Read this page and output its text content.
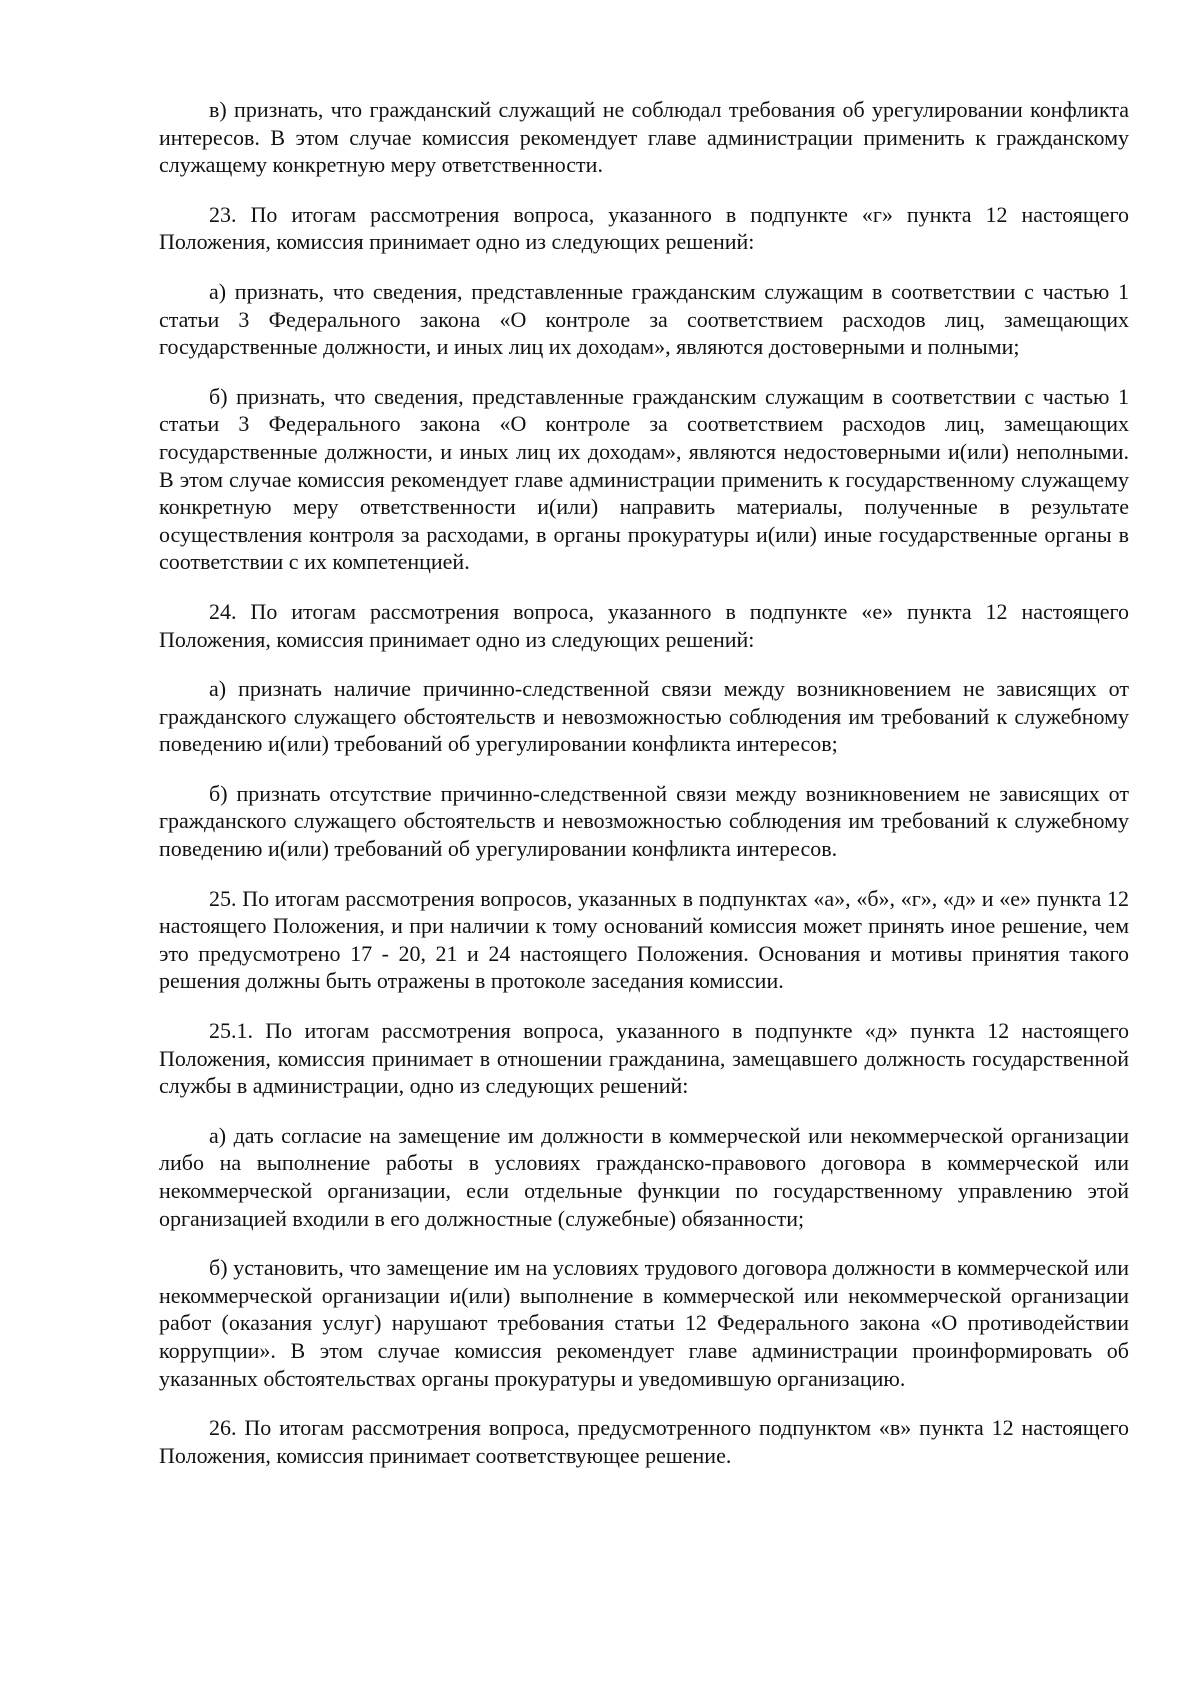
в) признать, что гражданский служащий не соблюдал требования об урегулировании конфликта интересов. В этом случае комиссия рекомендует главе администрации применить к гражданскому служащему конкретную меру ответственности.

23. По итогам рассмотрения вопроса, указанного в подпункте «г» пункта 12 настоящего Положения, комиссия принимает одно из следующих решений:

а) признать, что сведения, представленные гражданским служащим в соответствии с частью 1 статьи 3 Федерального закона «О контроле за соответствием расходов лиц, замещающих государственные должности, и иных лиц их доходам», являются достоверными и полными;

б) признать, что сведения, представленные гражданским служащим в соответствии с частью 1 статьи 3 Федерального закона «О контроле за соответствием расходов лиц, замещающих государственные должности, и иных лиц их доходам», являются недостоверными и(или) неполными. В этом случае комиссия рекомендует главе администрации применить к государственному служащему конкретную меру ответственности и(или) направить материалы, полученные в результате осуществления контроля за расходами, в органы прокуратуры и(или) иные государственные органы в соответствии с их компетенцией.

24. По итогам рассмотрения вопроса, указанного в подпункте «е» пункта 12 настоящего Положения, комиссия принимает одно из следующих решений:

а) признать наличие причинно-следственной связи между возникновением не зависящих от гражданского служащего обстоятельств и невозможностью соблюдения им требований к служебному поведению и(или) требований об урегулировании конфликта интересов;

б) признать отсутствие причинно-следственной связи между возникновением не зависящих от гражданского служащего обстоятельств и невозможностью соблюдения им требований к служебному поведению и(или) требований об урегулировании конфликта интересов.

25. По итогам рассмотрения вопросов, указанных в подпунктах «а», «б», «г», «д» и «е» пункта 12 настоящего Положения, и при наличии к тому оснований комиссия может принять иное решение, чем это предусмотрено 17 - 20, 21 и 24 настоящего Положения. Основания и мотивы принятия такого решения должны быть отражены в протоколе заседания комиссии.

25.1. По итогам рассмотрения вопроса, указанного в подпункте «д» пункта 12 настоящего Положения, комиссия принимает в отношении гражданина, замещавшего должность государственной службы в администрации, одно из следующих решений:

а) дать согласие на замещение им должности в коммерческой или некоммерческой организации либо на выполнение работы в условиях гражданско-правового договора в коммерческой или некоммерческой организации, если отдельные функции по государственному управлению этой организацией входили в его должностные (служебные) обязанности;

б) установить, что замещение им на условиях трудового договора должности в коммерческой или некоммерческой организации и(или) выполнение в коммерческой или некоммерческой организации работ (оказания услуг) нарушают требования статьи 12 Федерального закона «О противодействии коррупции». В этом случае комиссия рекомендует главе администрации проинформировать об указанных обстоятельствах органы прокуратуры и уведомившую организацию.

26. По итогам рассмотрения вопроса, предусмотренного подпунктом «в» пункта 12 настоящего Положения, комиссия принимает соответствующее решение.
